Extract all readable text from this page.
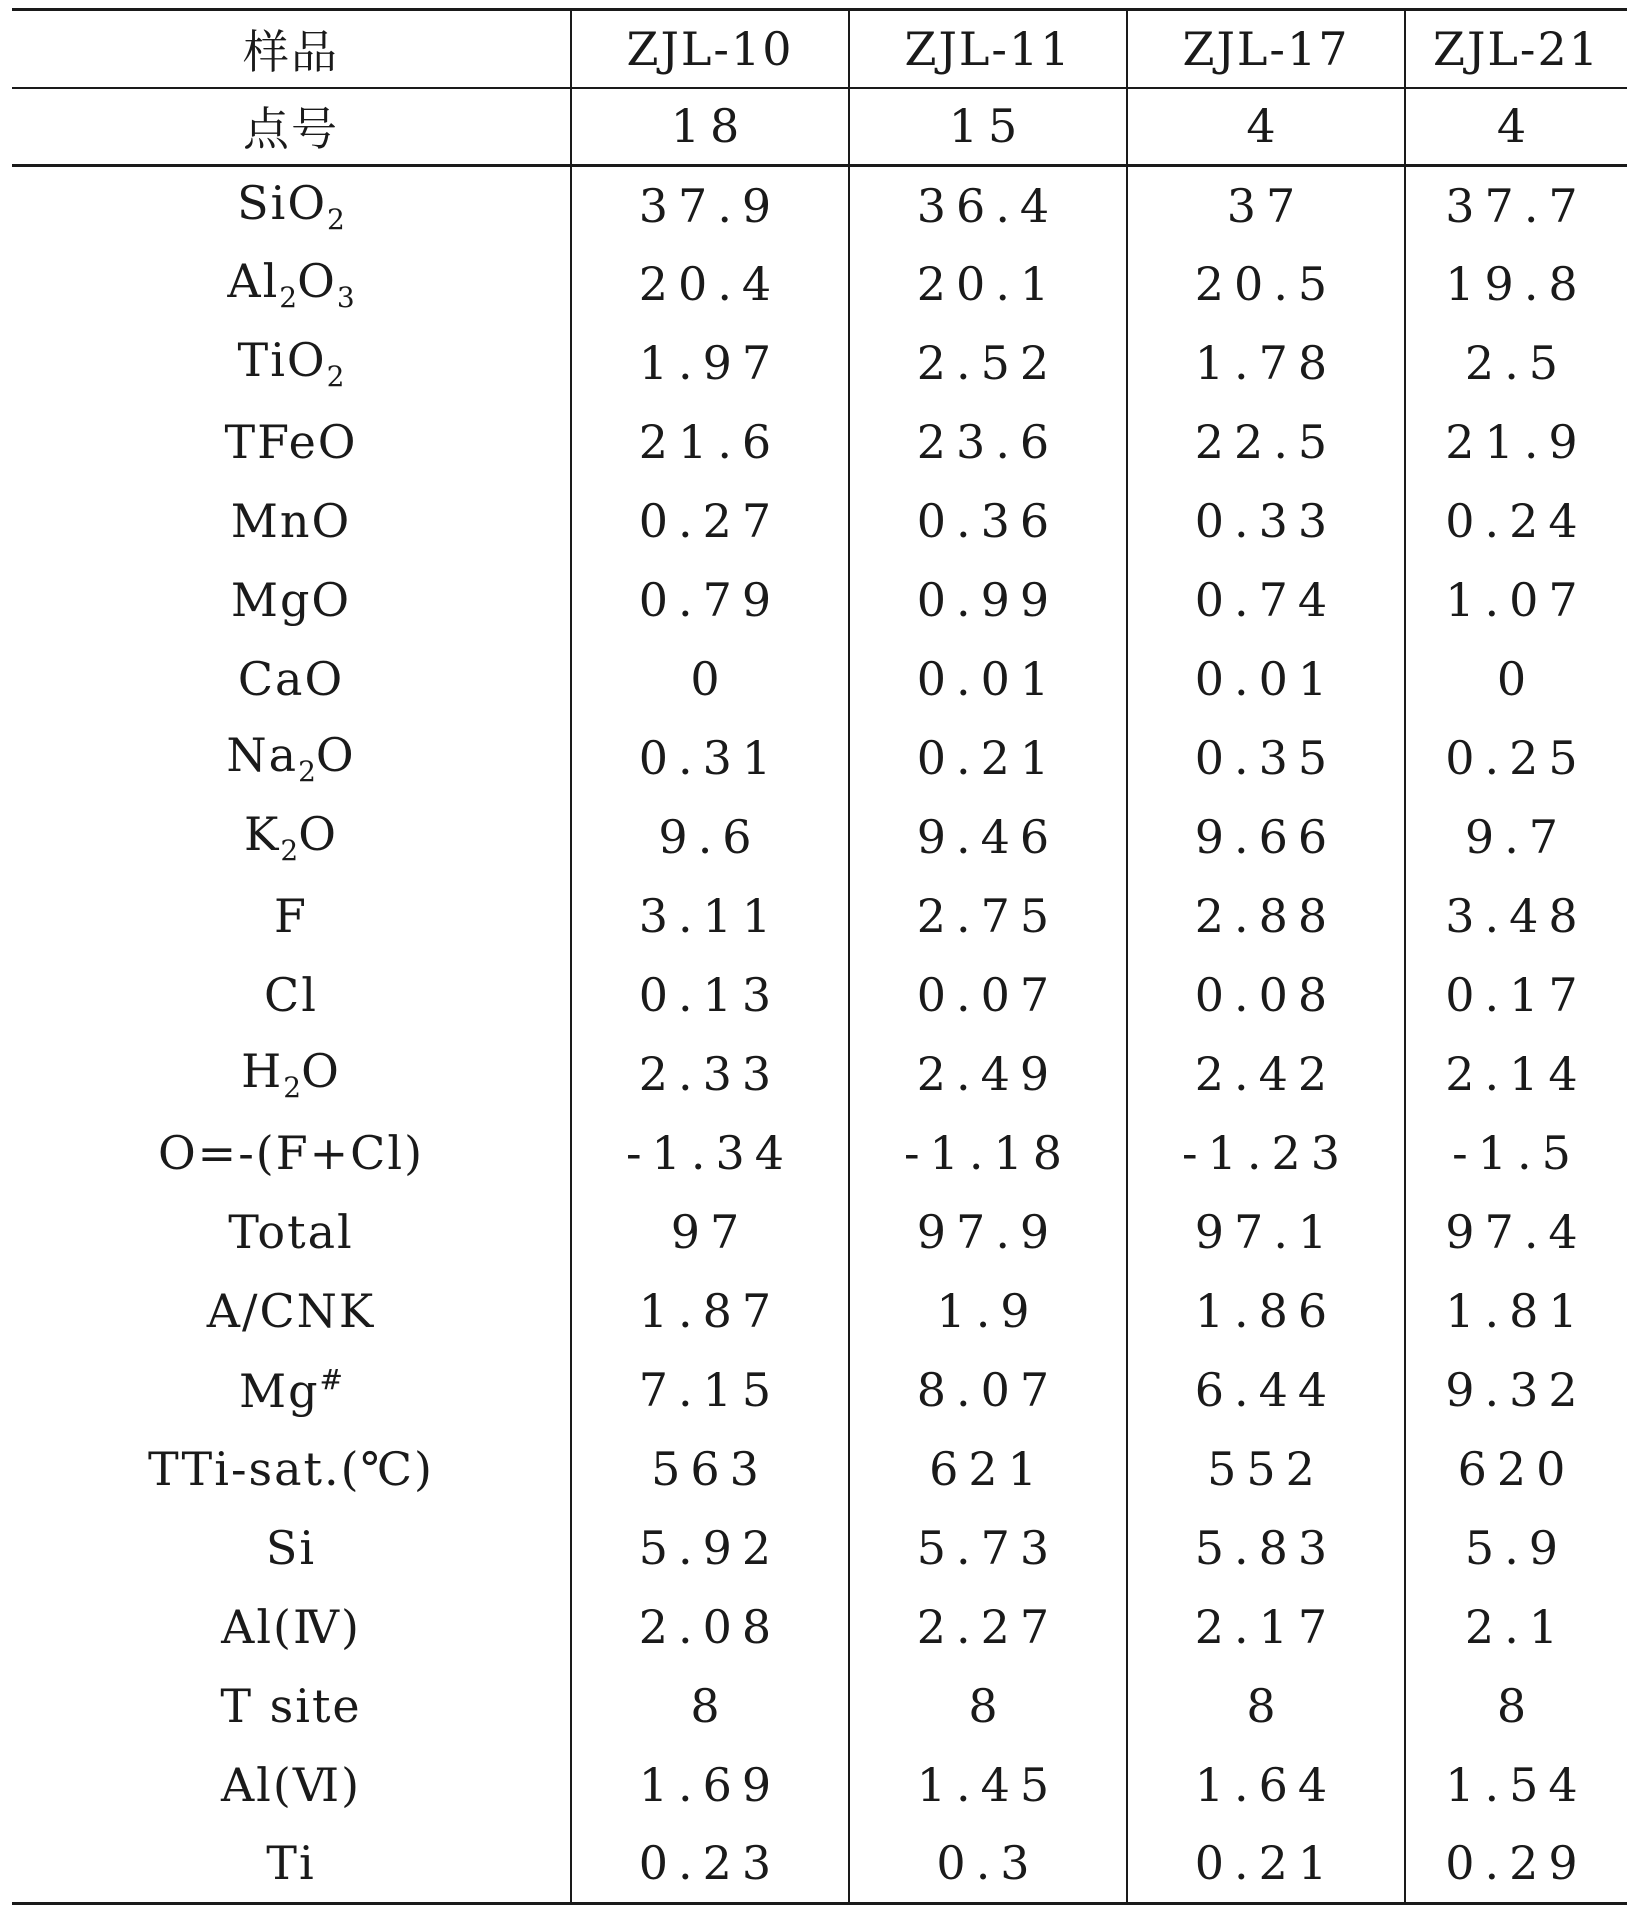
样品	ZJL-10	ZJL-11	ZJL-17	ZJL-21
点号	18	15	4	4
SiO$_2$	37.9	36.4	37	37.7
$Al_2O_3$	20.4	20.1	20.5	19.8
TiO$_2$	1.97	2.52	1.78	2.5
TFeO	21.6	23.6	22.5	21.9
MnO	0.27	0.36	0.33	0.24
MgO	0.79	0.99	0.74	1.07
CaO	0	0.01	0.01	0
$Na_2O$	0.31	0.21	0.35	0.25
$K_2O$	9.6	9.46	9.66	9.7
F	3.11	2.75	2.88	3.48
Cl	0.13	0.07	0.08	0.17
$H_2O$	2.33	2.49	2.42	2.14
O=-(F+Cl)	-1.34	-1.18	-1.23	-1.5
Total	97	97.9	97.1	97.4
A/CNK	1.87	1.9	1.86	1.81
Mg#	7.15	8.07	6.44	9.32
TTi-sat.(℃)	563	621	552	620
Si	5.92	5.73	5.83	5.9
Al(Ⅳ)	2.08	2.27	2.17	2.1
T site	8	8	8	8
Al(Ⅵ)	1.69	1.45	1.64	1.54
Ti	0.23	0.3	0.21	0.29
